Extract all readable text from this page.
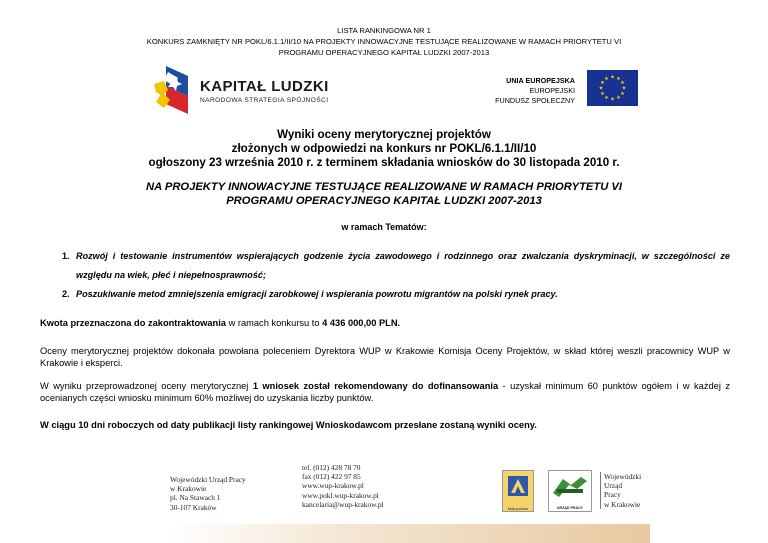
LISTA RANKINGOWA NR 1
KONKURS ZAMKNIĘTY NR POKL/6.1.1/II/10 NA PROJEKTY INNOWACYJNE TESTUJĄCE REALIZOWANE W RAMACH PRIORYTETU VI
PROGRAMU OPERACYJNEGO KAPITAŁ LUDZKI 2007-2013
KAPITAŁ LUDZKI
NARODOWA STRATEGIA SPÓJNOŚCI
UNIA EUROPEJSKA
EUROPEJSKI
FUNDUSZ SPOŁECZNY
★ ★
★
★
★
★
★
★
★
★
★
★
Wyniki oceny merytorycznej projektów
złożonych w odpowiedzi na konkurs nr POKL/6.1.1/II/10
ogłoszony 23 września 2010 r. z terminem składania wniosków do 30 listopada 2010 r.
NA PROJEKTY INNOWACYJNE TESTUJĄCE REALIZOWANE W RAMACH PRIORYTETU VI
PROGRAMU OPERACYJNEGO KAPITAŁ LUDZKI 2007-2013
w ramach Tematów:
1. Rozwój i testowanie instrumentów wspierających godzenie życia zawodowego i rodzinnego oraz zwalczania dyskryminacji, w szczególności ze względu na wiek, płeć i niepełnosprawność;
2. Poszukiwanie metod zmniejszenia emigracji zarobkowej i wspierania powrotu migrantów na polski rynek pracy.
Kwota przeznaczona do zakontraktowania w ramach konkursu to 4 436 000,00 PLN.
Oceny merytorycznej projektów dokonała powołana poleceniem Dyrektora WUP w Krakowie Komisja Oceny Projektów, w skład której weszli pracownicy WUP w Krakowie i eksperci.
W wyniku przeprowadzonej oceny merytorycznej 1 wniosek został rekomendowany do dofinansowania - uzyskał minimum 60 punktów ogółem i w każdej z ocenianych części wniosku minimum 60% możliwej do uzyskania liczby punktów.
W ciągu 10 dni roboczych od daty publikacji listy rankingowej Wnioskodawcom przesłane zostaną wyniki oceny.
Wojewódzki Urząd Pracy
w Krakowie
pl. Na Stawach 1
30-107 Kraków
tel. (012) 428 78 70
fax (012) 422 97 85
www.wup-krakow.pl
www.pokl.wup-krakow.pl
kancelaria@wup-krakow.pl	Małopolska	URZĄD PRACY
Wojewódzki
Urząd
Pracy
w Krakowie
